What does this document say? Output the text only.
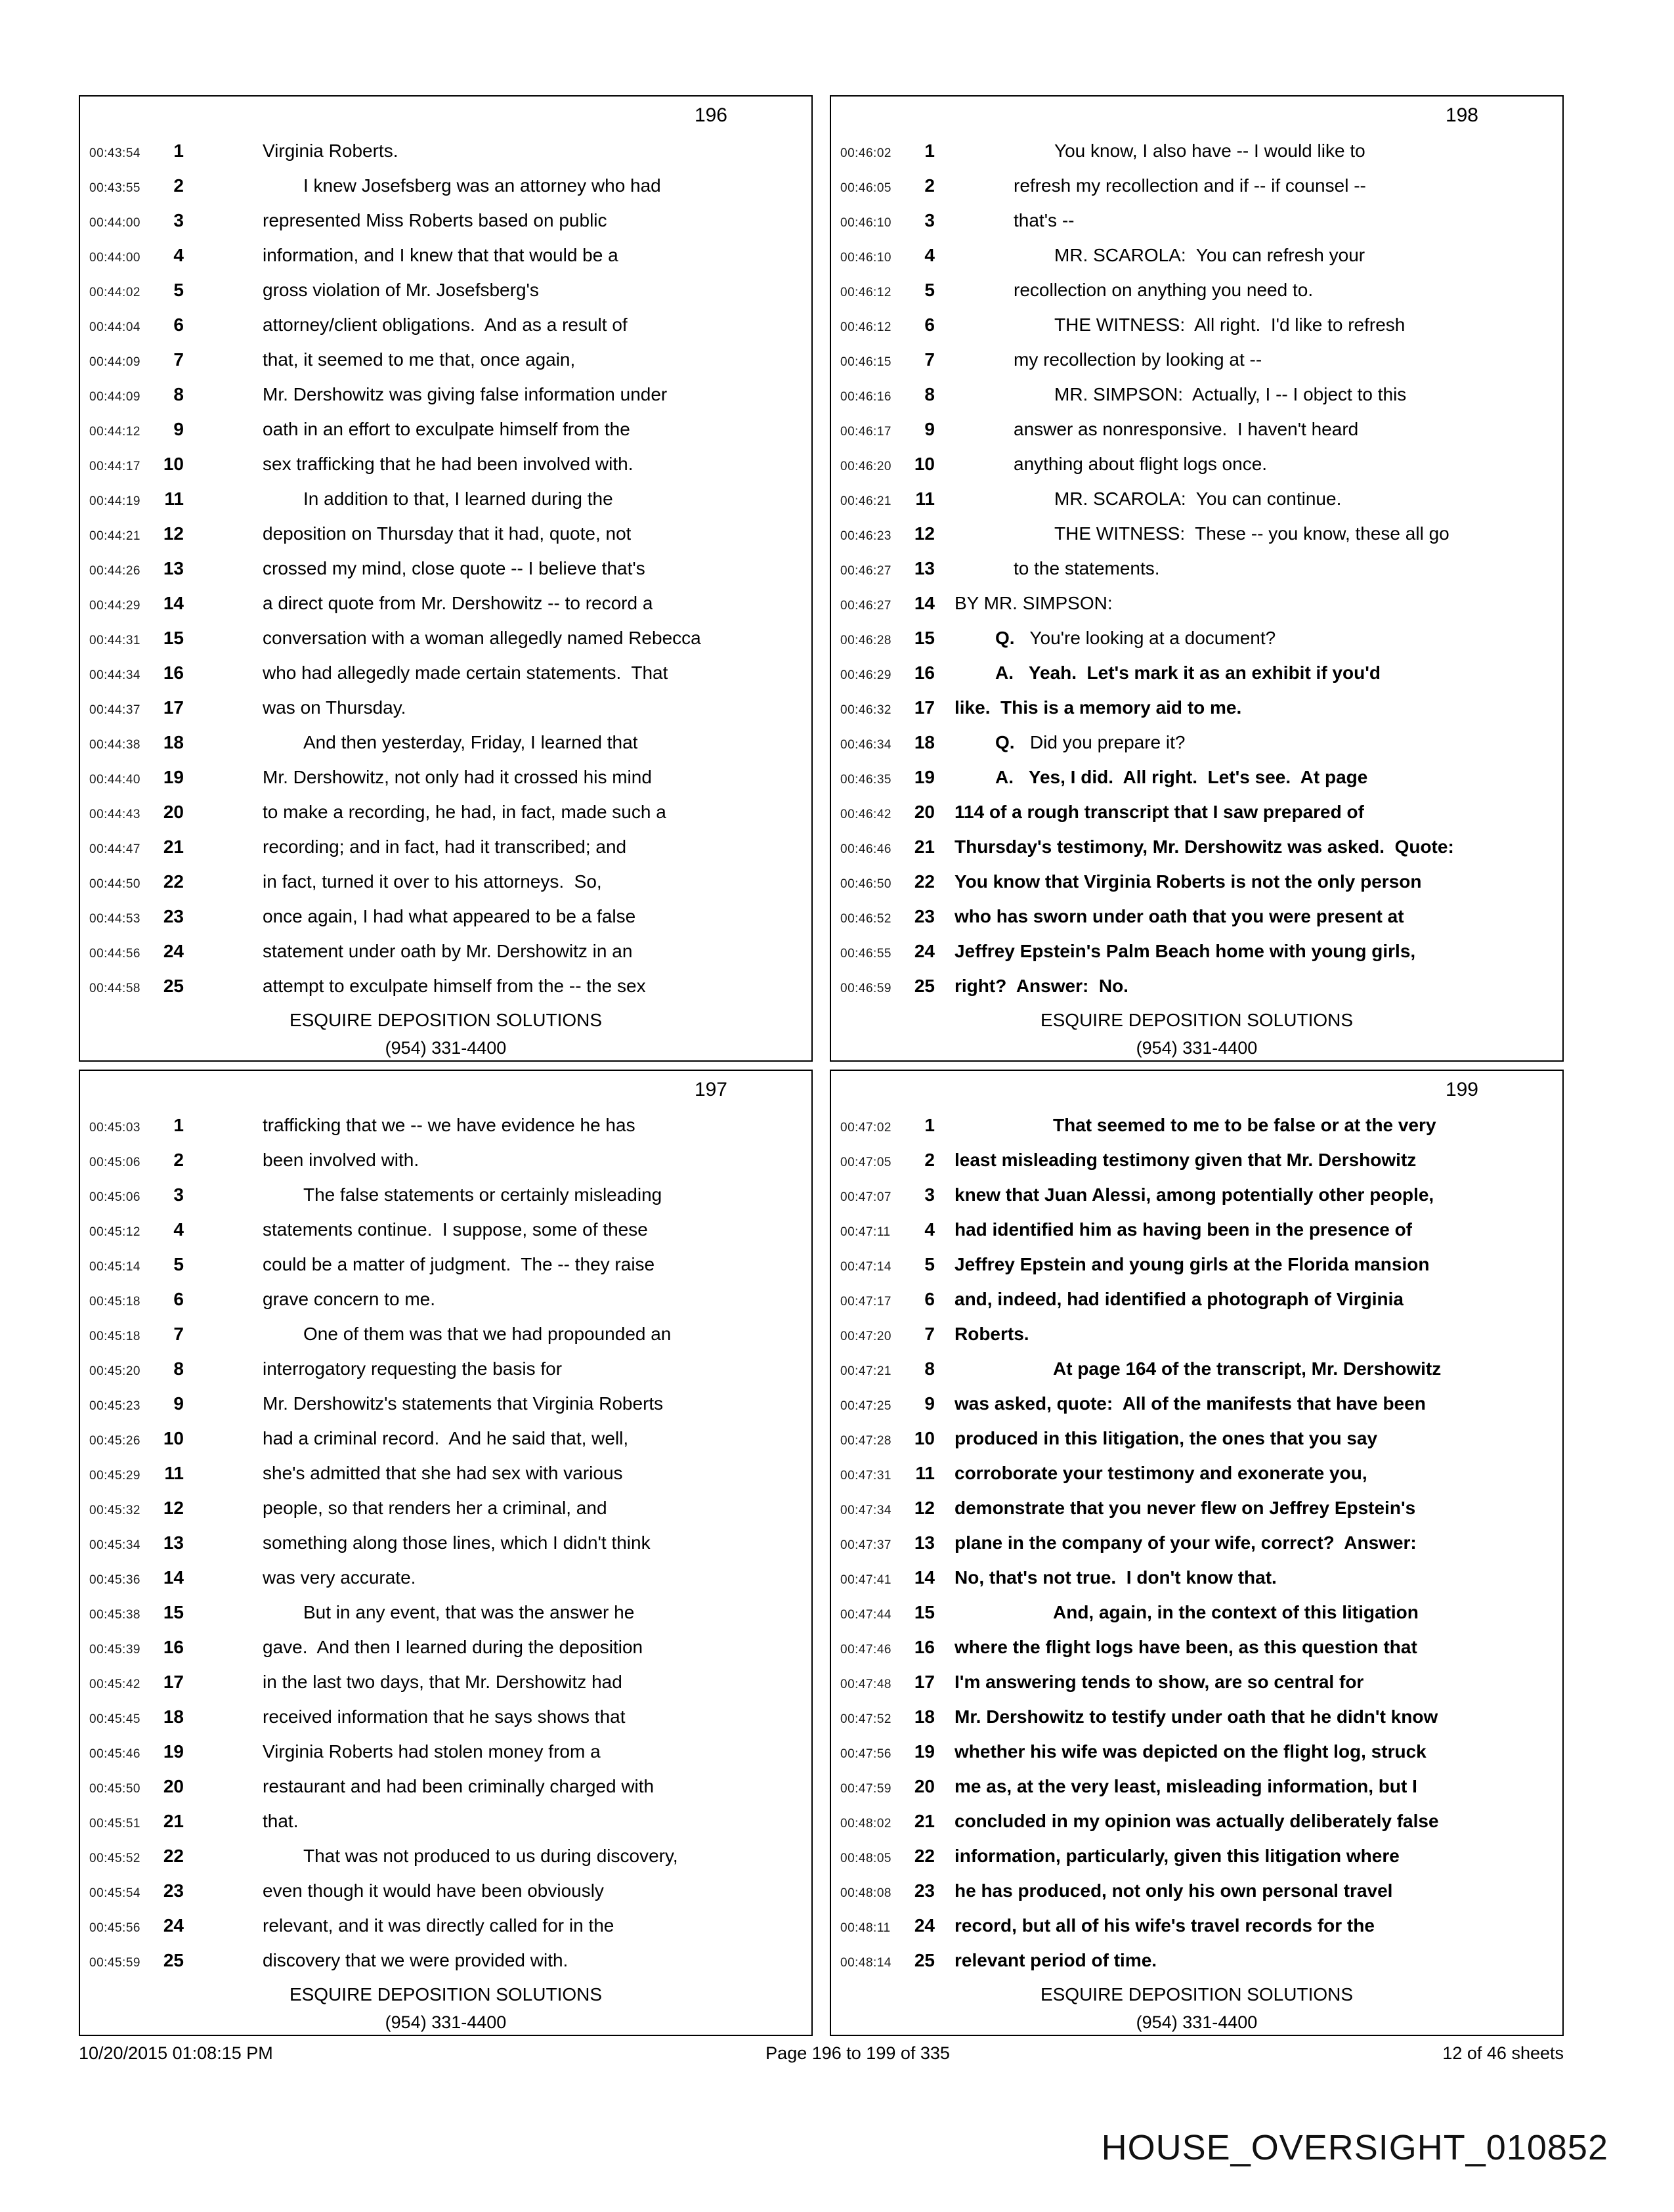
196
00:43:54	1	Virginia Roberts.
00:43:55	2	I knew Josefsberg was an attorney who had
00:44:00	3	represented Miss Roberts based on public
00:44:00	4	information, and I knew that that would be a
00:44:02	5	gross violation of Mr. Josefsberg's
00:44:04	6	attorney/client obligations.  And as a result of
00:44:09	7	that, it seemed to me that, once again,
00:44:09	8	Mr. Dershowitz was giving false information under
00:44:12	9	oath in an effort to exculpate himself from the
00:44:17	10	sex trafficking that he had been involved with.
00:44:19	11	In addition to that, I learned during the
00:44:21	12	deposition on Thursday that it had, quote, not
00:44:26	13	crossed my mind, close quote -- I believe that's
00:44:29	14	a direct quote from Mr. Dershowitz -- to record a
00:44:31	15	conversation with a woman allegedly named Rebecca
00:44:34	16	who had allegedly made certain statements.  That
00:44:37	17	was on Thursday.
00:44:38	18	And then yesterday, Friday, I learned that
00:44:40	19	Mr. Dershowitz, not only had it crossed his mind
00:44:43	20	to make a recording, he had, in fact, made such a
00:44:47	21	recording; and in fact, had it transcribed; and
00:44:50	22	in fact, turned it over to his attorneys.  So,
00:44:53	23	once again, I had what appeared to be a false
00:44:56	24	statement under oath by Mr. Dershowitz in an
00:44:58	25	attempt to exculpate himself from the -- the sex
ESQUIRE DEPOSITION SOLUTIONS
(954) 331-4400
198
00:46:02	1	You know, I also have -- I would like to
00:46:05	2	refresh my recollection and if -- if counsel --
00:46:10	3	that's --
00:46:10	4	MR. SCAROLA:  You can refresh your
00:46:12	5	recollection on anything you need to.
00:46:12	6	THE WITNESS:  All right.  I'd like to refresh
00:46:15	7	my recollection by looking at --
00:46:16	8	MR. SIMPSON:  Actually, I -- I object to this
00:46:17	9	answer as nonresponsive.  I haven't heard
00:46:20	10	anything about flight logs once.
00:46:21	11	MR. SCAROLA:  You can continue.
00:46:23	12	THE WITNESS:  These -- you know, these all go
00:46:27	13	to the statements.
00:46:27	14 BY MR. SIMPSON:
00:46:28	15	Q.   You're looking at a document?
00:46:29	16	A.   Yeah.  Let's mark it as an exhibit if you'd
00:46:32	17 like.  This is a memory aid to me.
00:46:34	18	Q.   Did you prepare it?
00:46:35	19	A.   Yes, I did.  All right.  Let's see.  At page
00:46:42	20 114 of a rough transcript that I saw prepared of
00:46:46	21 Thursday's testimony, Mr. Dershowitz was asked.  Quote:
00:46:50	22 You know that Virginia Roberts is not the only person
00:46:52	23 who has sworn under oath that you were present at
00:46:55	24 Jeffrey Epstein's Palm Beach home with young girls,
00:46:59	25 right?  Answer:  No.
ESQUIRE DEPOSITION SOLUTIONS
(954) 331-4400
197
00:45:03	1	trafficking that we -- we have evidence he has
00:45:06	2	been involved with.
00:45:06	3	The false statements or certainly misleading
00:45:12	4	statements continue.  I suppose, some of these
00:45:14	5	could be a matter of judgment.  The -- they raise
00:45:18	6	grave concern to me.
00:45:18	7	One of them was that we had propounded an
00:45:20	8	interrogatory requesting the basis for
00:45:23	9	Mr. Dershowitz's statements that Virginia Roberts
00:45:26	10	had a criminal record.  And he said that, well,
00:45:29	11	she's admitted that she had sex with various
00:45:32	12	people, so that renders her a criminal, and
00:45:34	13	something along those lines, which I didn't think
00:45:36	14	was very accurate.
00:45:38	15	But in any event, that was the answer he
00:45:39	16	gave.  And then I learned during the deposition
00:45:42	17	in the last two days, that Mr. Dershowitz had
00:45:45	18	received information that he says shows that
00:45:46	19	Virginia Roberts had stolen money from a
00:45:50	20	restaurant and had been criminally charged with
00:45:51	21	that.
00:45:52	22	That was not produced to us during discovery,
00:45:54	23	even though it would have been obviously
00:45:56	24	relevant, and it was directly called for in the
00:45:59	25	discovery that we were provided with.
ESQUIRE DEPOSITION SOLUTIONS
(954) 331-4400
199
00:47:02	1	That seemed to me to be false or at the very
00:47:05	2 least misleading testimony given that Mr. Dershowitz
00:47:07	3 knew that Juan Alessi, among potentially other people,
00:47:11	4 had identified him as having been in the presence of
00:47:14	5 Jeffrey Epstein and young girls at the Florida mansion
00:47:17	6 and, indeed, had identified a photograph of Virginia
00:47:20	7 Roberts.
00:47:21	8	At page 164 of the transcript, Mr. Dershowitz
00:47:25	9 was asked, quote:  All of the manifests that have been
00:47:28	10 produced in this litigation, the ones that you say
00:47:31	11 corroborate your testimony and exonerate you,
00:47:34	12 demonstrate that you never flew on Jeffrey Epstein's
00:47:37	13 plane in the company of your wife, correct?  Answer:
00:47:41	14 No, that's not true.  I don't know that.
00:47:44	15	And, again, in the context of this litigation
00:47:46	16 where the flight logs have been, as this question that
00:47:48	17 I'm answering tends to show, are so central for
00:47:52	18 Mr. Dershowitz to testify under oath that he didn't know
00:47:56	19 whether his wife was depicted on the flight log, struck
00:47:59	20 me as, at the very least, misleading information, but I
00:48:02	21 concluded in my opinion was actually deliberately false
00:48:05	22 information, particularly, given this litigation where
00:48:08	23 he has produced, not only his own personal travel
00:48:11	24 record, but all of his wife's travel records for the
00:48:14	25 relevant period of time.
ESQUIRE DEPOSITION SOLUTIONS
(954) 331-4400
10/20/2015 01:08:15 PM	Page 196 to 199 of 335	12 of 46 sheets
HOUSE_OVERSIGHT_010852
